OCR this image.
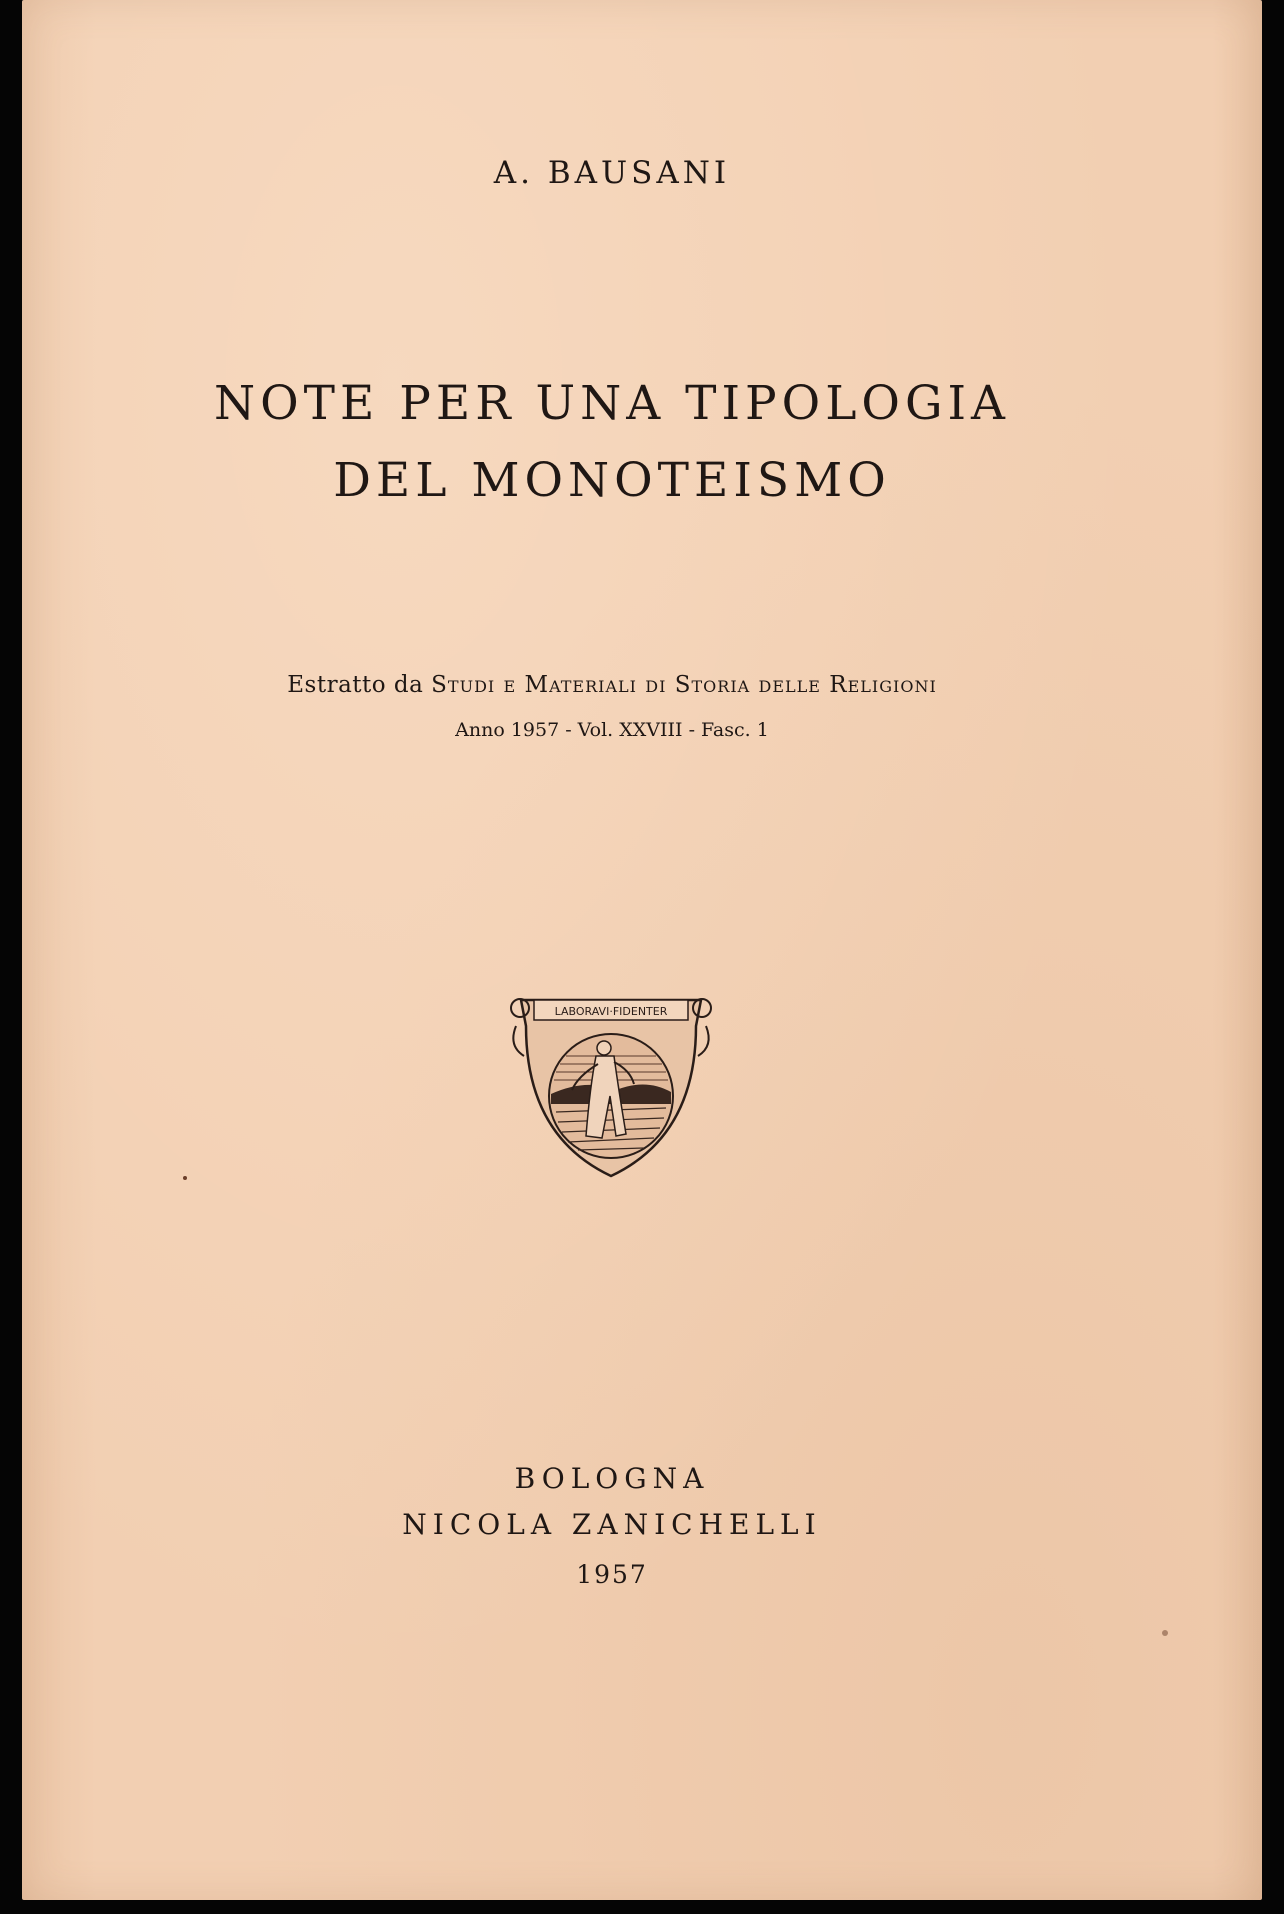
A. BAUSANI
NOTE PER UNA TIPOLOGIA
DEL MONOTEISMO
Estratto da Studi e Materiali di Storia delle Religioni
Anno 1957 - Vol. XXVIII - Fasc. 1
LABORAVI·FIDENTER
BOLOGNA
NICOLA ZANICHELLI
1957
